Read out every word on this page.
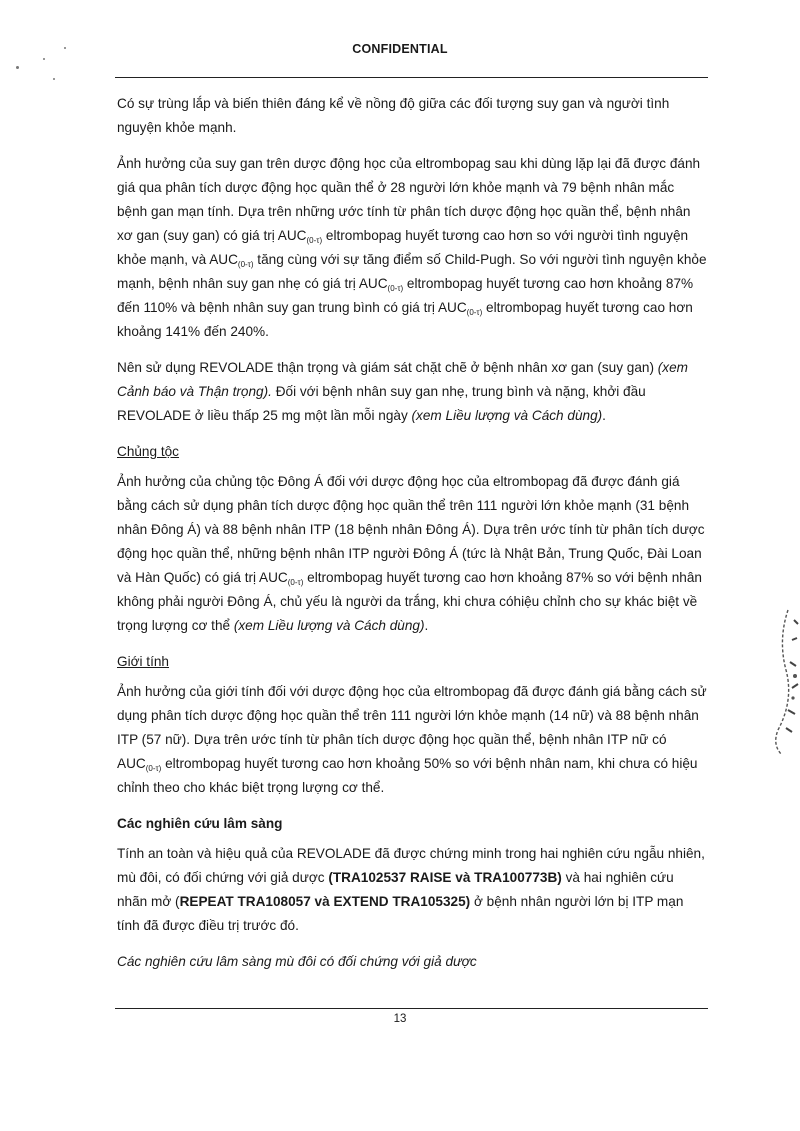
CONFIDENTIAL

Có sự trùng lắp và biến thiên đáng kể về nồng độ giữa các đối tượng suy gan và người tình nguyện khỏe mạnh.

Ảnh hưởng của suy gan trên dược động học của eltrombopag sau khi dùng lặp lại đã được đánh giá qua phân tích dược động học quần thể ở 28 người lớn khỏe mạnh và 79 bệnh nhân mắc bệnh gan mạn tính. Dựa trên những ước tính từ phân tích dược động học quần thể, bệnh nhân xơ gan (suy gan) có giá trị $AUC_{(0-\tau)}$ eltrombopag huyết tương cao hơn so với người tình nguyện khỏe mạnh, và $AUC_{(0-\tau)}$ tăng cùng với sự tăng điểm số Child-Pugh. So với người tình nguyện khỏe mạnh, bệnh nhân suy gan nhẹ có giá trị $AUC_{(0-\tau)}$ eltrombopag huyết tương cao hơn khoảng 87% đến 110% và bệnh nhân suy gan trung bình có giá trị $AUC_{(0-\tau)}$ eltrombopag huyết tương cao hơn khoảng 141% đến 240%.

Nên sử dụng REVOLADE thận trọng và giám sát chặt chẽ ở bệnh nhân xơ gan (suy gan) (xem Cảnh báo và Thận trọng). Đối với bệnh nhân suy gan nhẹ, trung bình và nặng, khởi đầu REVOLADE ở liều thấp 25 mg một lần mỗi ngày (xem Liều lượng và Cách dùng).

Chủng tộc

Ảnh hưởng của chủng tộc Đông Á đối với dược động học của eltrombopag đã được đánh giá bằng cách sử dụng phân tích dược động học quần thể trên 111 người lớn khỏe mạnh (31 bệnh nhân Đông Á) và 88 bệnh nhân ITP (18 bệnh nhân Đông Á). Dựa trên ước tính từ phân tích dược động học quần thể, những bệnh nhân ITP người Đông Á (tức là Nhật Bản, Trung Quốc, Đài Loan và Hàn Quốc) có giá trị $AUC_{(0-\tau)}$ eltrombopag huyết tương cao hơn khoảng 87% so với bệnh nhân không phải người Đông Á, chủ yếu là người da trắng, khi chưa cóhiệu chỉnh cho sự khác biệt về trọng lượng cơ thể (xem Liều lượng và Cách dùng).

Giới tính

Ảnh hưởng của giới tính đối với dược động học của eltrombopag đã được đánh giá bằng cách sử dụng phân tích dược động học quần thể trên 111 người lớn khỏe mạnh (14 nữ) và 88 bệnh nhân ITP (57 nữ). Dựa trên ước tính từ phân tích dược động học quần thể, bệnh nhân ITP nữ có $AUC_{(0-\tau)}$ eltrombopag huyết tương cao hơn khoảng 50% so với bệnh nhân nam, khi chưa có hiệu chỉnh theo cho khác biệt trọng lượng cơ thể.

Các nghiên cứu lâm sàng

Tính an toàn và hiệu quả của REVOLADE đã được chứng minh trong hai nghiên cứu ngẫu nhiên, mù đôi, có đối chứng với giả dược (TRA102537 RAISE và TRA100773B) và hai nghiên cứu nhãn mở (REPEAT TRA108057 và EXTEND TRA105325) ở bệnh nhân người lớn bị ITP mạn tính đã được điều trị trước đó.

Các nghiên cứu lâm sàng mù đôi có đối chứng với giả dược

13
